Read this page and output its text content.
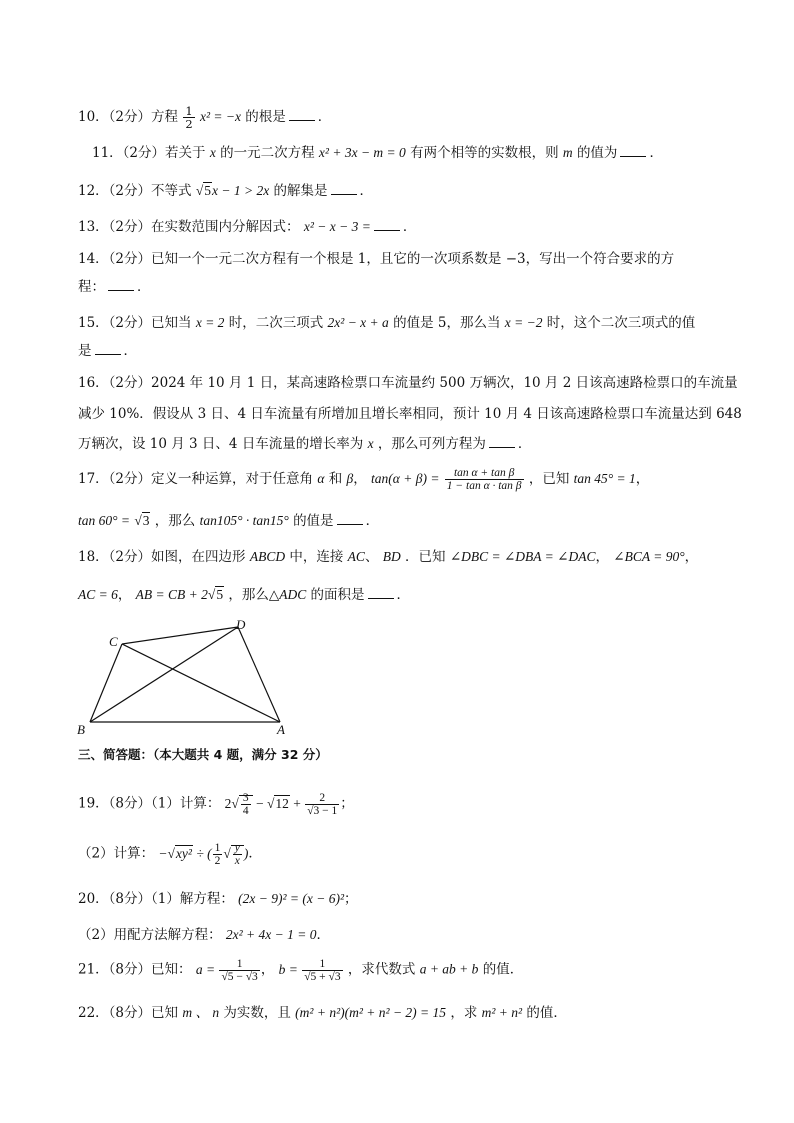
10．（2分）方程 $\frac{1}{2} x^2 = -x$ 的根是 ．
11．（2分）若关于 x 的一元二次方程 x² + 3x − m = 0 有两个相等的实数根，则 m 的值为 ．
12．（2分）不等式 √5x − 1 > 2x 的解集是 ．
13．（2分）在实数范围内分解因式： x² − x − 3 = ．
14．（2分）已知一个一元二次方程有一个根是 1，且它的一次项系数是 −3，写出一个符合要求的方
程： ．
15．（2分）已知当 x = 2 时，二次三项式 2x² − x + a 的值是 5，那么当 x = −2 时，这个二次三项式的值
是 ．
16．（2分）2024 年 10 月 1 日，某高速路检票口车流量约 500 万辆次，10 月 2 日该高速路检票口的车流量
减少 10%．假设从 3 日、4 日车流量有所增加且增长率相同，预计 10 月 4 日该高速路检票口车流量达到 648
万辆次，设 10 月 3 日、4 日车流量的增长率为 x ，那么可列方程为 ．
17．（2分）定义一种运算，对于任意角 α 和 β， $\tan(\alpha + \beta) = \frac{\text{tan α + tan β}}{\text{1 − tan α · tan β}}$ ，已知 tan 45° = 1，
tan 60° = √3 ，那么 tan105° · tan15° 的值是 ．
18．（2分）如图，在四边形 ABCD 中，连接 AC、 BD ．已知 ∠DBC = ∠DBA = ∠DAC， ∠BCA = 90°，
AC = 6， AB = CB + 2√5 ，那么△ADC 的面积是 ．
C
D
B	A
三、简答题：（本大题共 4 题，满分 32 分）
19．（8分）（1）计算： $2√ \frac{3}{4} - √12 + \frac{2}{√3 - 1}$ ；
（2）计算： −√xy² ÷ ( $\frac{1}{2}$ √ $\frac{y}{x}$ )．
20．（8分）（1）解方程： (2x − 9)² = (x − 6)²；
（2）用配方法解方程： 2x² + 4x − 1 = 0．
21．（8分）已知： $a = \frac{1}{√5 - √3}$ ， $b = \frac{1}{√5 + √3}$ ，求代数式 a + ab + b 的值．
22．（8分）已知 m 、 n 为实数，且 (m² + n²)(m² + n² − 2) = 15 ，求 m² + n² 的值．
